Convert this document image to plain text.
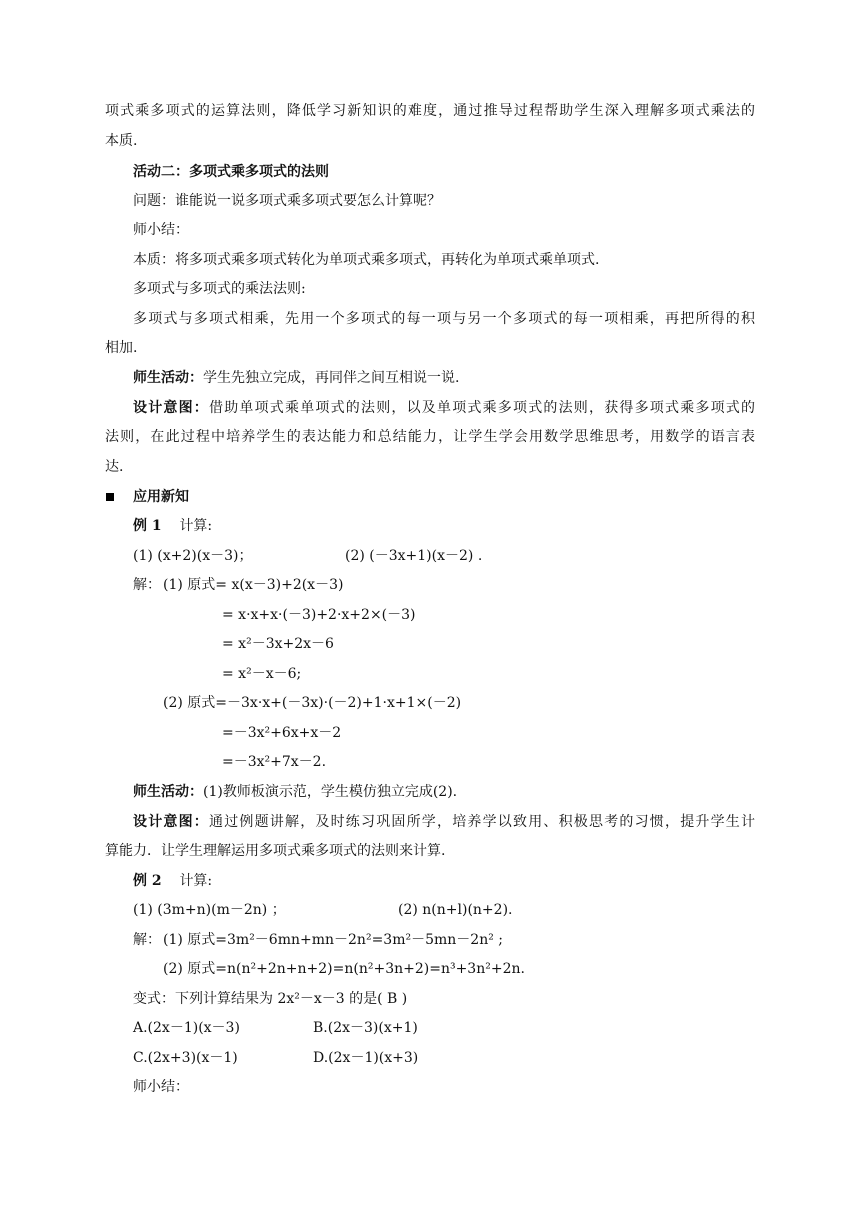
项式乘多项式的运算法则，降低学习新知识的难度，通过推导过程帮助学生深入理解多项式乘法的
本质.
活动二：多项式乘多项式的法则
问题：谁能说一说多项式乘多项式要怎么计算呢？
师小结：
本质：将多项式乘多项式转化为单项式乘多项式，再转化为单项式乘单项式.
多项式与多项式的乘法法则:
多项式与多项式相乘，先用一个多项式的每一项与另一个多项式的每一项相乘，再把所得的积
相加.
师生活动：学生先独立完成，再同伴之间互相说一说.
设计意图：借助单项式乘单项式的法则，以及单项式乘多项式的法则，获得多项式乘多项式的
法则，在此过程中培养学生的表达能力和总结能力，让学生学会用数学思维思考，用数学的语言表
达.
应用新知
例 1 计算:
(1) (x+2)(x－3)；	(2) (－3x+1)(x－2) .
解： (1) 原式= x(x－3)+2(x－3)
= x·x+x·(－3)+2·x+2×(－3)
= x²－3x+2x－6
= x²－x－6;
(2) 原式=－3x·x+(－3x)·(－2)+1·x+1×(－2)
=－3x²+6x+x－2
=－3x²+7x－2.
师生活动：(1)教师板演示范，学生模仿独立完成(2).
设计意图：通过例题讲解，及时练习巩固所学，培养学以致用、积极思考的习惯，提升学生计
算能力．让学生理解运用多项式乘多项式的法则来计算.
例 2 计算:
(1) (3m+n)(m－2n) ；	(2) n(n+l)(n+2).
解： (1) 原式=3m²－6mn+mn－2n²=3m²－5mn－2n² ;
(2) 原式=n(n²+2n+n+2)=n(n²+3n+2)=n³+3n²+2n.
变式：下列计算结果为 2x²－x－3 的是( B )
A.(2x－1)(x－3)	B.(2x－3)(x+1)
C.(2x+3)(x－1)	D.(2x－1)(x+3)
师小结：
